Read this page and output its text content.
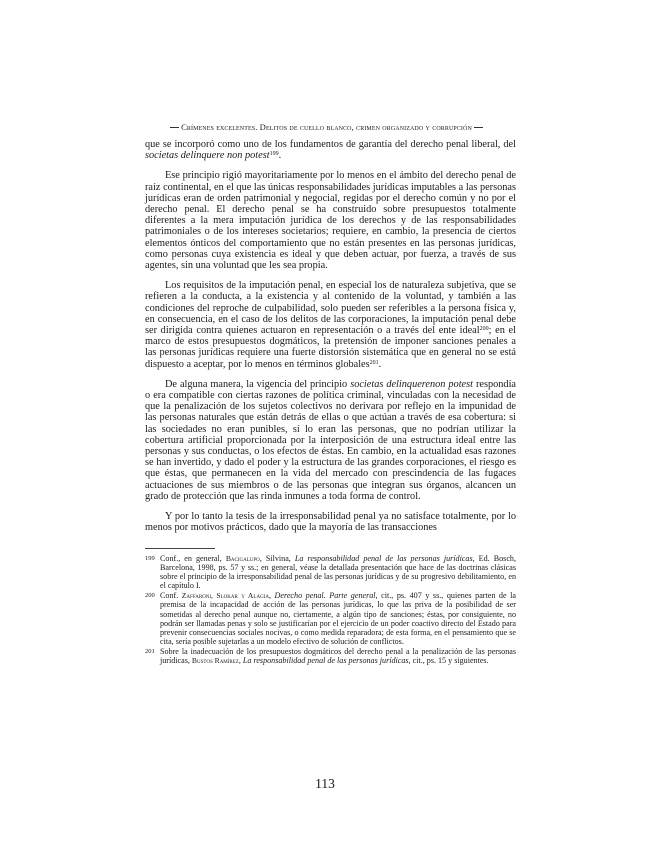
Crímenes excelentes. Delitos de cuello blanco, crimen organizado y corrupción

que se incorporó como uno de los fundamentos de garantía del derecho penal liberal, del societas delinquere non potest$^{199}$.

Ese principio rigió mayoritariamente por lo menos en el ámbito del derecho penal de raíz continental, en el que las únicas responsabilidades jurídicas imputables a las personas jurídicas eran de orden patrimonial y negocial, regidas por el derecho común y no por el derecho penal. El derecho penal se ha construido sobre presupuestos totalmente diferentes a la mera imputación jurídica de los derechos y de las responsabilidades patrimoniales o de los intereses societarios; requiere, en cambio, la presencia de ciertos elementos ónticos del comportamiento que no están presentes en las personas jurídicas, como personas cuya existencia es ideal y que deben actuar, por fuerza, a través de sus agentes, sin una voluntad que les sea propia.

Los requisitos de la imputación penal, en especial los de naturaleza subjetiva, que se refieren a la conducta, a la existencia y al contenido de la voluntad, y también a las condiciones del reproche de culpabilidad, solo pueden ser referibles a la persona física y, en consecuencia, en el caso de los delitos de las corporaciones, la imputación penal debe ser dirigida contra quienes actuaron en representación o a través del ente ideal$^{200}$; en el marco de estos presupuestos dogmáticos, la pretensión de imponer sanciones penales a las personas jurídicas requiere una fuerte distorsión sistemática que en general no se está dispuesto a aceptar, por lo menos en términos globales$^{201}$.

De alguna manera, la vigencia del principio societas delinquerenon potest respondía o era compatible con ciertas razones de política criminal, vinculadas con la necesidad de que la penalización de los sujetos colectivos no derivara por reflejo en la impunidad de las personas naturales que están detrás de ellas o que actúan a través de esa cobertura: si las sociedades no eran punibles, sí lo eran las personas, que no podrían utilizar la cobertura artificial proporcionada por la interposición de una estructura ideal entre las personas y sus conductas, o los efectos de éstas. En cambio, en la actualidad esas razones se han invertido, y dado el poder y la estructura de las grandes corporaciones, el riesgo es que éstas, que permanecen en la vida del mercado con prescindencia de las fugaces actuaciones de sus miembros o de las personas que integran sus órganos, alcancen un grado de protección que las rinda inmunes a toda forma de control.

Y por lo tanto la tesis de la irresponsabilidad penal ya no satisface totalmente, por lo menos por motivos prácticos, dado que la mayoría de las transacciones

199 Conf., en general, Bacigalupo, Silvina, La responsabilidad penal de las personas jurídicas, Ed. Bosch, Barcelona, 1998, ps. 57 y ss.; en general, véase la detallada presentación que hace de las doctrinas clásicas sobre el principio de la irresponsabilidad penal de las personas jurídicas y de su progresivo debilitamiento, en el capítulo I.
200 Conf. Zaffaroni, Slokar y Alagia, Derecho penal. Parte general, cit., ps. 407 y ss., quienes parten de la premisa de la incapacidad de acción de las personas jurídicas, lo que las priva de la posibilidad de ser sometidas al derecho penal aunque no, ciertamente, a algún tipo de sanciones; éstas, por consiguiente, no podrán ser llamadas penas y solo se justificarían por el ejercicio de un poder coactivo directo del Estado para prevenir consecuencias sociales nocivas, o como medida reparadora; de esta forma, en el pensamiento que se cita, sería posible sujetarlas a un modelo efectivo de solución de conflictos.
201 Sobre la inadecuación de los presupuestos dogmáticos del derecho penal a la penalización de las personas jurídicas, Bustos Ramírez, La responsabilidad penal de las personas jurídicas, cit., ps. 15 y siguientes.
113
